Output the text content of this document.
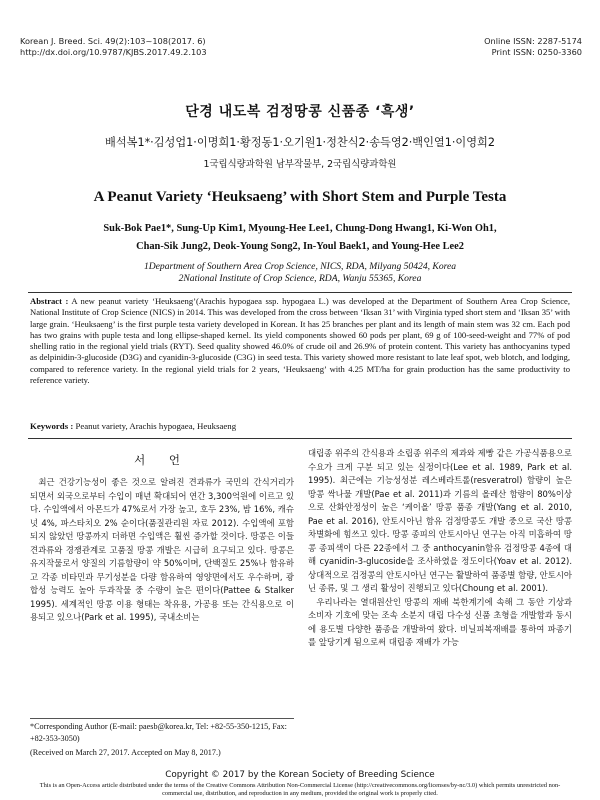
Korean J. Breed. Sci. 49(2):103~108(2017. 6)
http://dx.doi.org/10.9787/KJBS.2017.49.2.103
Online ISSN: 2287-5174
Print ISSN: 0250-3360
단경 내도복 검정땅콩 신품종 ‘흑생’
배석복1*·김성업1·이명희1·황정동1·오기원1·정찬식2·송득영2·백인열1·이영희2
1국립식량과학원 남부작물부, 2국립식량과학원
A Peanut Variety ‘Heuksaeng’ with Short Stem and Purple Testa
Suk-Bok Pae1*, Sung-Up Kim1, Myoung-Hee Lee1, Chung-Dong Hwang1, Ki-Won Oh1,
Chan-Sik Jung2, Deok-Young Song2, In-Youl Baek1, and Young-Hee Lee2
1Department of Southern Area Crop Science, NICS, RDA, Milyang 50424, Korea
2National Institute of Crop Science, RDA, Wanju 55365, Korea
Abstract : A new peanut variety ‘Heuksaeng’(Arachis hypogaea ssp. hypogaea L.) was developed at the Department of Southern Area Crop Science, National Institute of Crop Science (NICS) in 2014. This was developed from the cross between ‘Iksan 31’ with Virginia typed short stem and ‘Iksan 35’ with large grain. ‘Heuksaeng’ is the first purple testa variety developed in Korean. It has 25 branches per plant and its length of main stem was 32 cm. Each pod has two grains with puple testa and long ellipse-shaped kernel. Its yield components showed 60 pods per plant, 69 g of 100-seed-weight and 77% of pod shelling ratio in the regional yield trials (RYT). Seed quality showed 46.0% of crude oil and 26.9% of protein content. This variety has anthocyanins typed as delpinidin-3-glucoside (D3G) and cyanidin-3-glucoside (C3G) in seed testa. This variety showed more resistant to late leaf spot, web blotch, and lodging, compared to reference variety. In the regional yield trials for 2 years, ‘Heuksaeng’ with 4.25 MT/ha for grain production has the same productivity to reference variety.
Keywords : Peanut variety, Arachis hypogaea, Heuksaeng
서 언

최근 건강기능성이 좋은 것으로 알려진 견과류가 국민의 간식거리가 되면서 외국으로부터 수입이 매년 확대되어 연간 3,300억원에 이르고 있다. 수입액에서 아몬드가 47%로서 가장 높고, 호두 23%, 밤 16%, 캐슈넛 4%, 파스타치오 2% 순이다(품질관리원 자료 2012). 수입액에 포함되지 않았던 땅콩까지 더하면 수입액은 훨씬 증가할 것이다. 땅콩은 이들 견과류와 경쟁관계로 고품질 땅콩 개발은 시급히 요구되고 있다. 땅콩은 유지작물로서 양질의 기름함량이 약 50%이며, 단백질도 25%나 함유하고 각종 비타민과 무기성분을 다량 함유하여 영양면에서도 우수하며, 광합성 능력도 높아 두과작물 중 수량이 높은 편이다(Pattee & Stalker 1995). 세계적인 땅콩 이용 형태는 착유용, 가공용 또는 간식용으로 이용되고 있으나(Park et al. 1995), 국내소비는

대립종 위주의 간식용과 소립종 위주의 제과와 제빵 같은 가공식품용으로 수요가 크게 구분 되고 있는 실정이다(Lee et al. 1989, Park et al. 1995). 최근에는 기능성성분 레스베라트롤(resveratrol) 함량이 높은 땅콩 싹나물 개발(Pae et al. 2011)과 기름의 올레산 함량이 80%이상으로 산화안정성이 높은 ‘케이올’ 땅콩 품종 개발(Yang et al. 2010, Pae et al. 2016), 안토시아닌 함유 검정땅콩도 개발 중으로 국산 땅콩 차별화에 힘쓰고 있다. 땅콩 종피의 안토시아닌 연구는 아직 미흡하여 땅콩 종피색이 다른 22종에서 그 중 anthocyanin함유 검정땅콩 4종에 대해 cyanidin-3-glucoside을 조사하였을 정도이다(Yoav et al. 2012). 상대적으로 검정콩의 안토시아닌 연구는 활발하여 품종별 함량, 안토시아닌 종류, 및 그 생리 활성이 진행되고 있다(Choung et al. 2001).

우리나라는 열대원산인 땅콩의 재배 북한계기에 속해 그 동안 기상과 소비자 기호에 맞는 조속 소분지 대립 다수성 신품 초형을 개발함과 동시에 용도별 다양한 품종을 개발하여 왔다. 비닐피복재배를 통하여 파종기를 앞당기게 됨으로써 대립종 재배가 가능

*Corresponding Author (E-mail: paesb@korea.kr, Tel: +82-55-350-1215, Fax: +82-353-3050)
(Received on March 27, 2017. Accepted on May 8, 2017.)
Copyright © 2017 by the Korean Society of Breeding Science
This is an Open-Access article distributed under the terms of the Creative Commons Attribution Non-Commercial License (http://creativecommons.org/licenses/by-nc/3.0) which permits unrestricted non-commercial use, distribution, and reproduction in any medium, provided the original work is properly cited.
